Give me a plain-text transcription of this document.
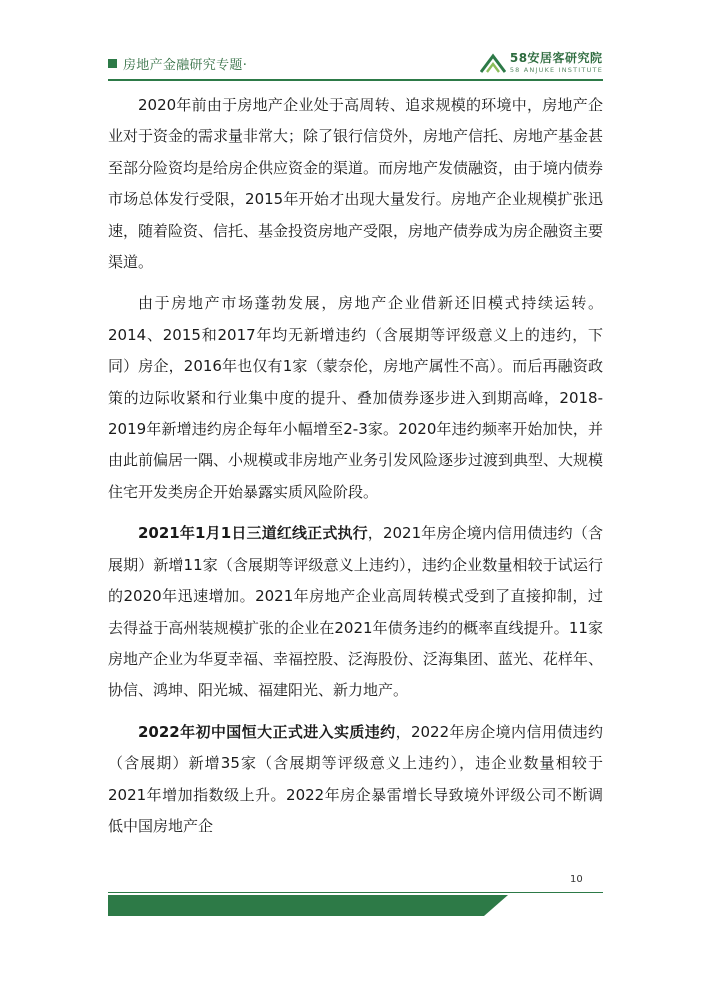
房地产金融研究专题·	58安居客研究院
58 ANJUKE INSTITUTE

2020年前由于房地产企业处于高周转、追求规模的环境中，房地产企业对于资金的需求量非常大；除了银行信贷外，房地产信托、房地产基金甚至部分险资均是给房企供应资金的渠道。而房地产发债融资，由于境内债券市场总体发行受限，2015年开始才出现大量发行。房地产企业规模扩张迅速，随着险资、信托、基金投资房地产受限，房地产债券成为房企融资主要渠道。

由于房地产市场蓬勃发展，房地产企业借新还旧模式持续运转。2014、2015和2017年均无新增违约（含展期等评级意义上的违约，下同）房企，2016年也仅有1家（蒙奈伦，房地产属性不高）。而后再融资政策的边际收紧和行业集中度的提升、叠加债券逐步进入到期高峰，2018-2019年新增违约房企每年小幅增至2-3家。2020年违约频率开始加快，并由此前偏居一隅、小规模或非房地产业务引发风险逐步过渡到典型、大规模住宅开发类房企开始暴露实质风险阶段。

2021年1月1日三道红线正式执行，2021年房企境内信用债违约（含展期）新增11家（含展期等评级意义上违约），违约企业数量相较于试运行的2020年迅速增加。2021年房地产企业高周转模式受到了直接抑制，过去得益于高州装规模扩张的企业在2021年债务违约的概率直线提升。11家房地产企业为华夏幸福、幸福控股、泛海股份、泛海集团、蓝光、花样年、协信、鸿坤、阳光城、福建阳光、新力地产。

2022年初中国恒大正式进入实质违约，2022年房企境内信用债违约（含展期）新增35家（含展期等评级意义上违约），违企业数量相较于2021年增加指数级上升。2022年房企暴雷增长导致境外评级公司不断调低中国房地产企

10
